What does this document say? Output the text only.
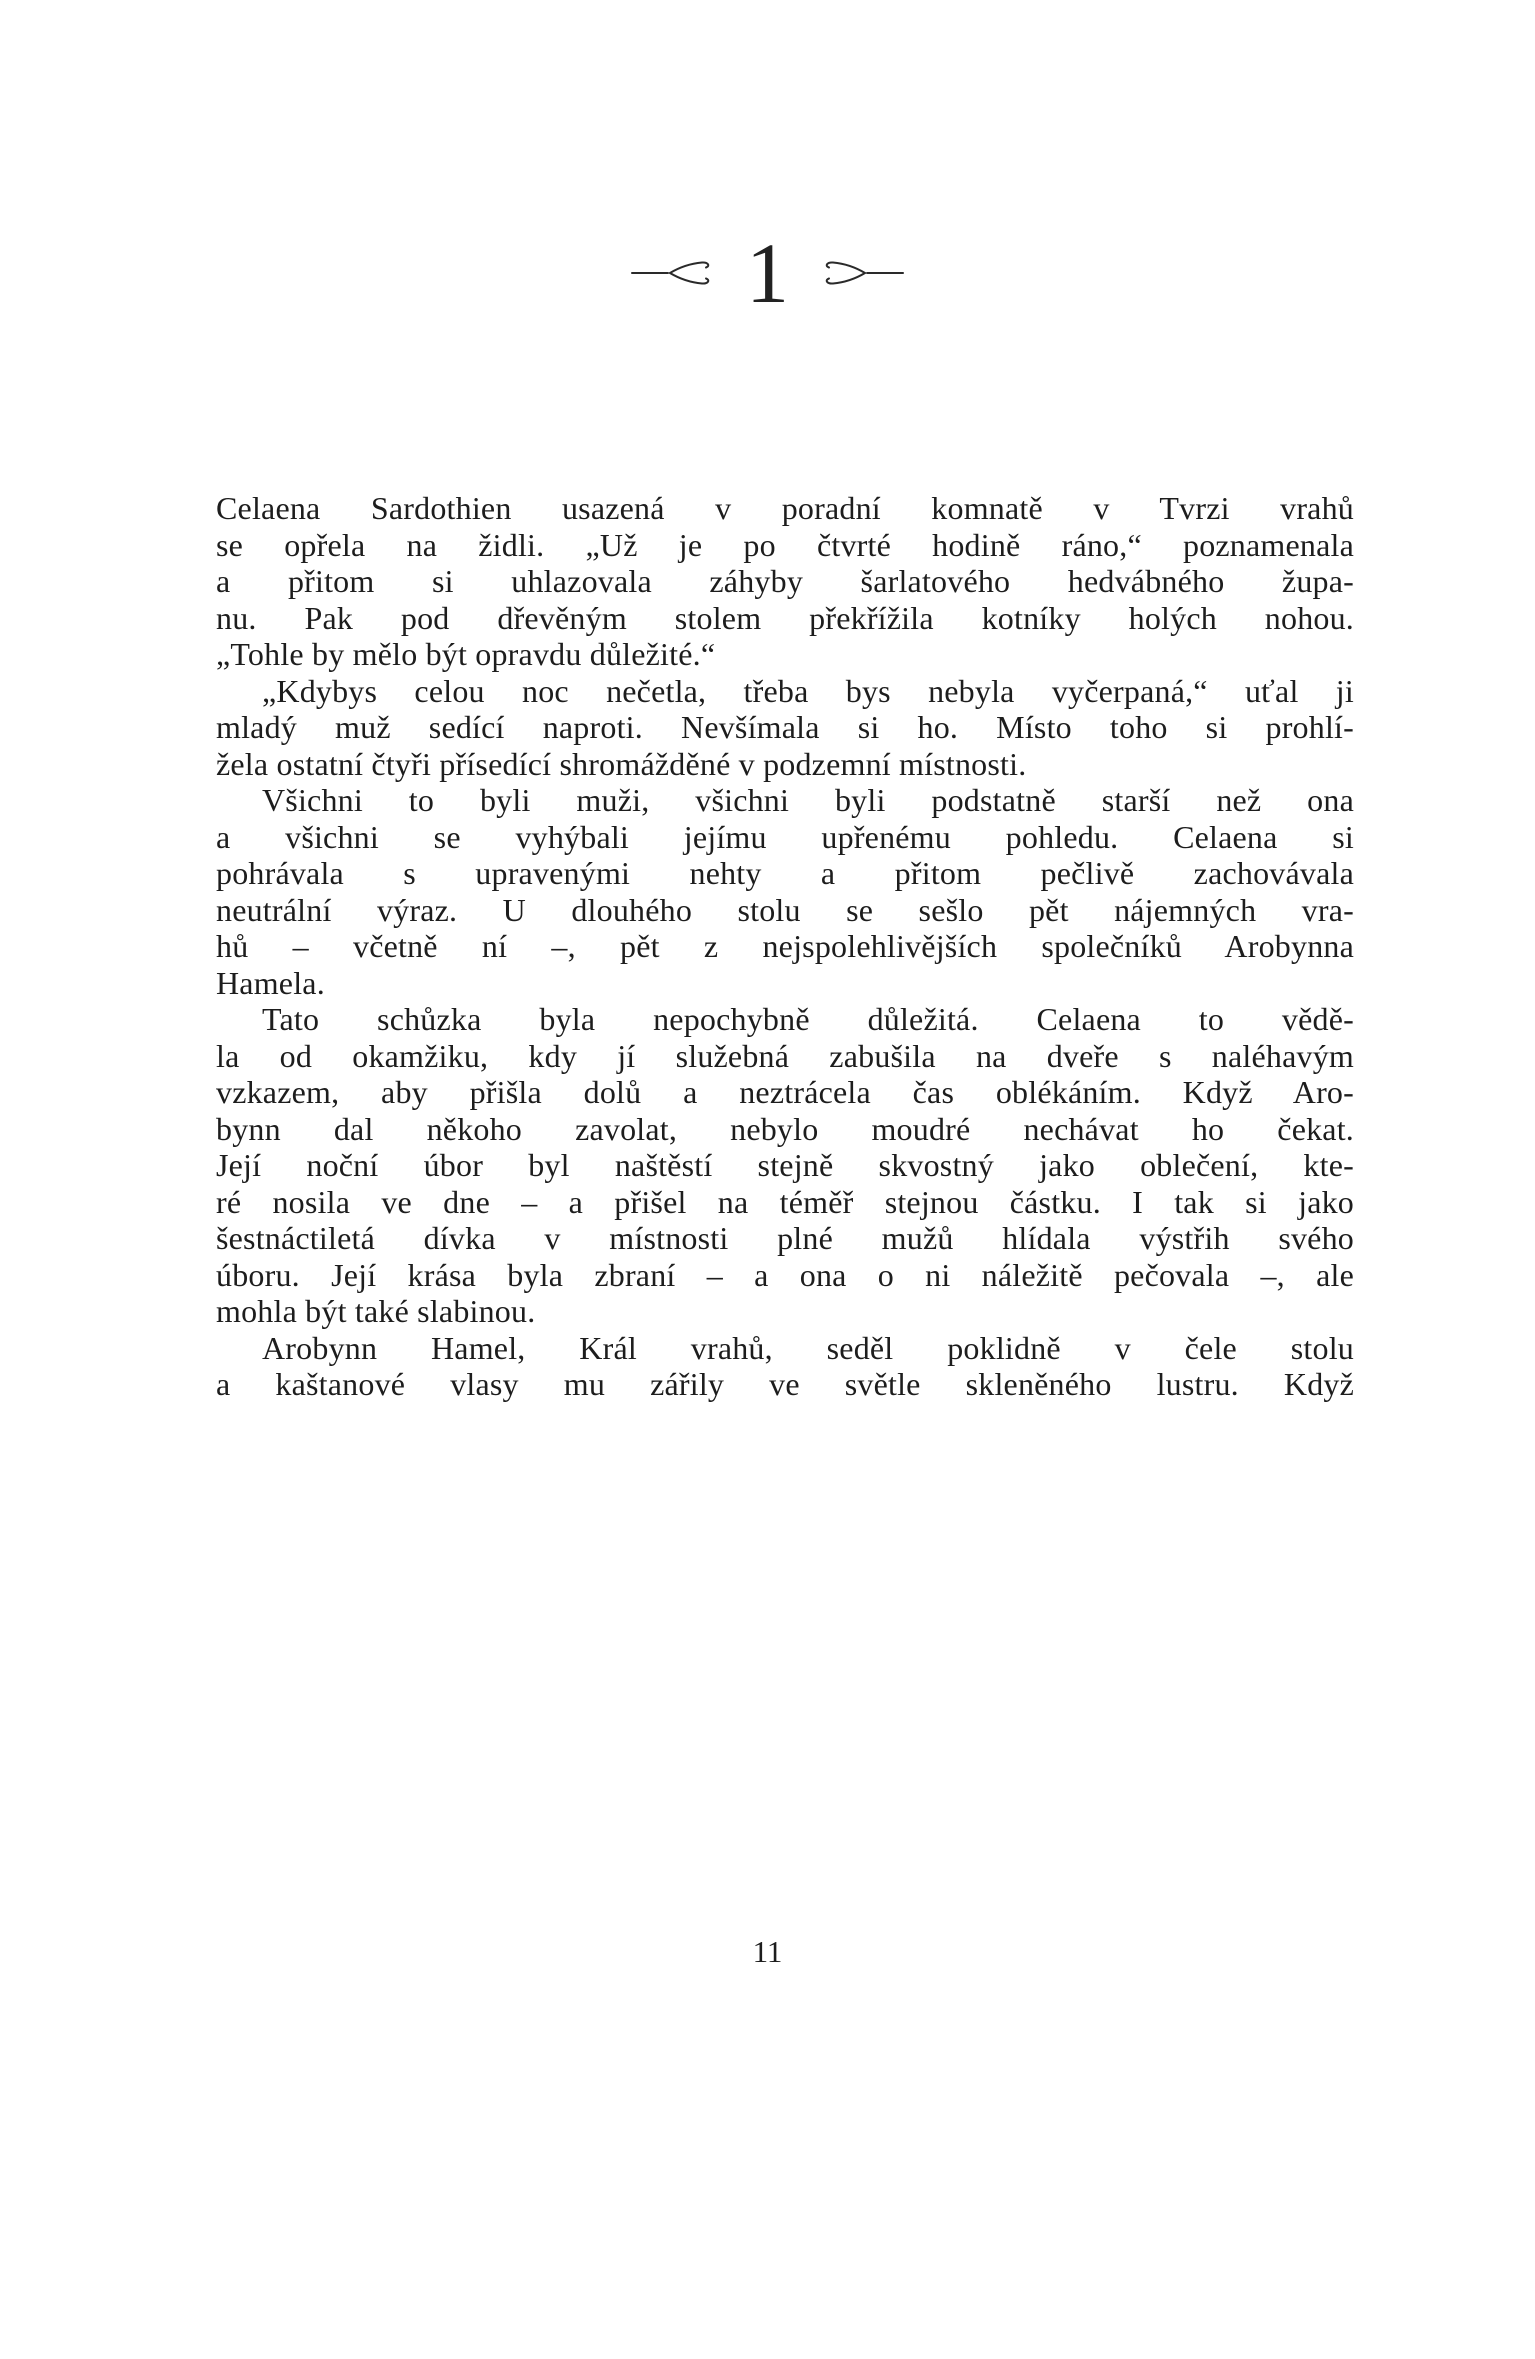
1
Celaena Sardothien usazená v poradní komnatě v Tvrzi vrahů
se opřela na židli. „Už je po čtvrté hodině ráno,“ poznamenala
a přitom si uhlazovala záhyby šarlatového hedvábného župa-
nu. Pak pod dřevěným stolem překřížila kotníky holých nohou.
„Tohle by mělo být opravdu důležité.“
„Kdybys celou noc nečetla, třeba bys nebyla vyčerpaná,“ uťal ji
mladý muž sedící naproti. Nevšímala si ho. Místo toho si prohlí-
žela ostatní čtyři přísedící shromážděné v podzemní místnosti.
Všichni to byli muži, všichni byli podstatně starší než ona
a všichni se vyhýbali jejímu upřenému pohledu. Celaena si
pohrávala s upravenými nehty a přitom pečlivě zachovávala
neutrální výraz. U dlouhého stolu se sešlo pět nájemných vra-
hů – včetně ní –, pět z nejspolehlivějších společníků Arobynna
Hamela.
Tato schůzka byla nepochybně důležitá. Celaena to vědě-
la od okamžiku, kdy jí služebná zabušila na dveře s naléhavým
vzkazem, aby přišla dolů a neztrácela čas oblékáním. Když Aro-
bynn dal někoho zavolat, nebylo moudré nechávat ho čekat.
Její noční úbor byl naštěstí stejně skvostný jako oblečení, kte-
ré nosila ve dne – a přišel na téměř stejnou částku. I tak si jako
šestnáctiletá dívka v místnosti plné mužů hlídala výstřih svého
úboru. Její krása byla zbraní – a ona o ni náležitě pečovala –, ale
mohla být také slabinou.
Arobynn Hamel, Král vrahů, seděl poklidně v čele stolu
a kaštanové vlasy mu zářily ve světle skleněného lustru. Když
11
